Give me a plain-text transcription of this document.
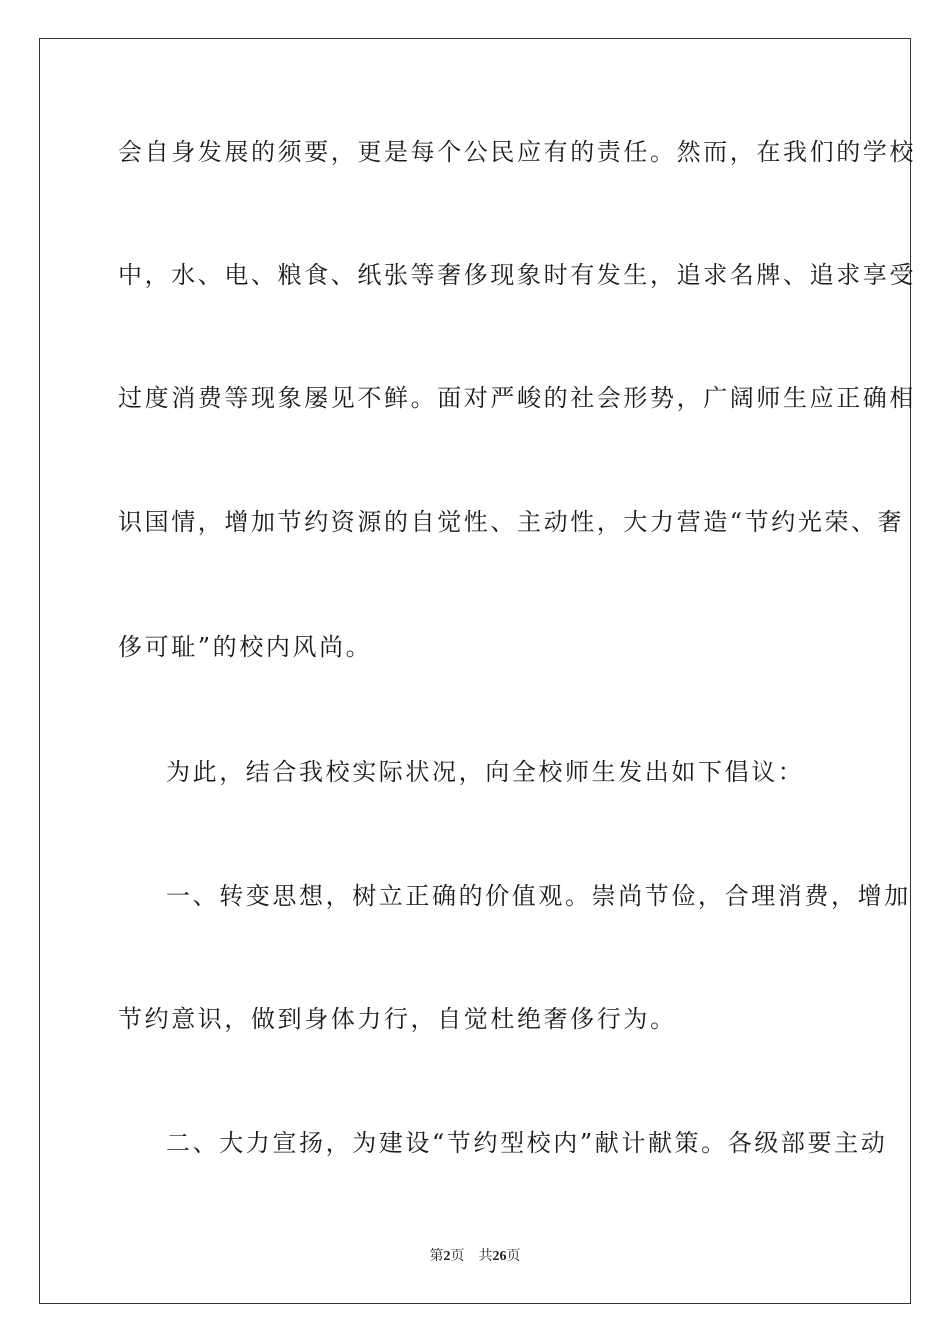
会自身发展的须要，更是每个公民应有的责任。然而，在我们的学校
中，水、电、粮食、纸张等奢侈现象时有发生，追求名牌、追求享受
过度消费等现象屡见不鲜。面对严峻的社会形势，广阔师生应正确相
识国情，增加节约资源的自觉性、主动性，大力营造“节约光荣、奢
侈可耻”的校内风尚。
为此，结合我校实际状况，向全校师生发出如下倡议：
一、转变思想，树立正确的价值观。崇尚节俭，合理消费，增加
节约意识，做到身体力行，自觉杜绝奢侈行为。
二、大力宣扬，为建设“节约型校内”献计献策。各级部要主动
第2页 共26页
